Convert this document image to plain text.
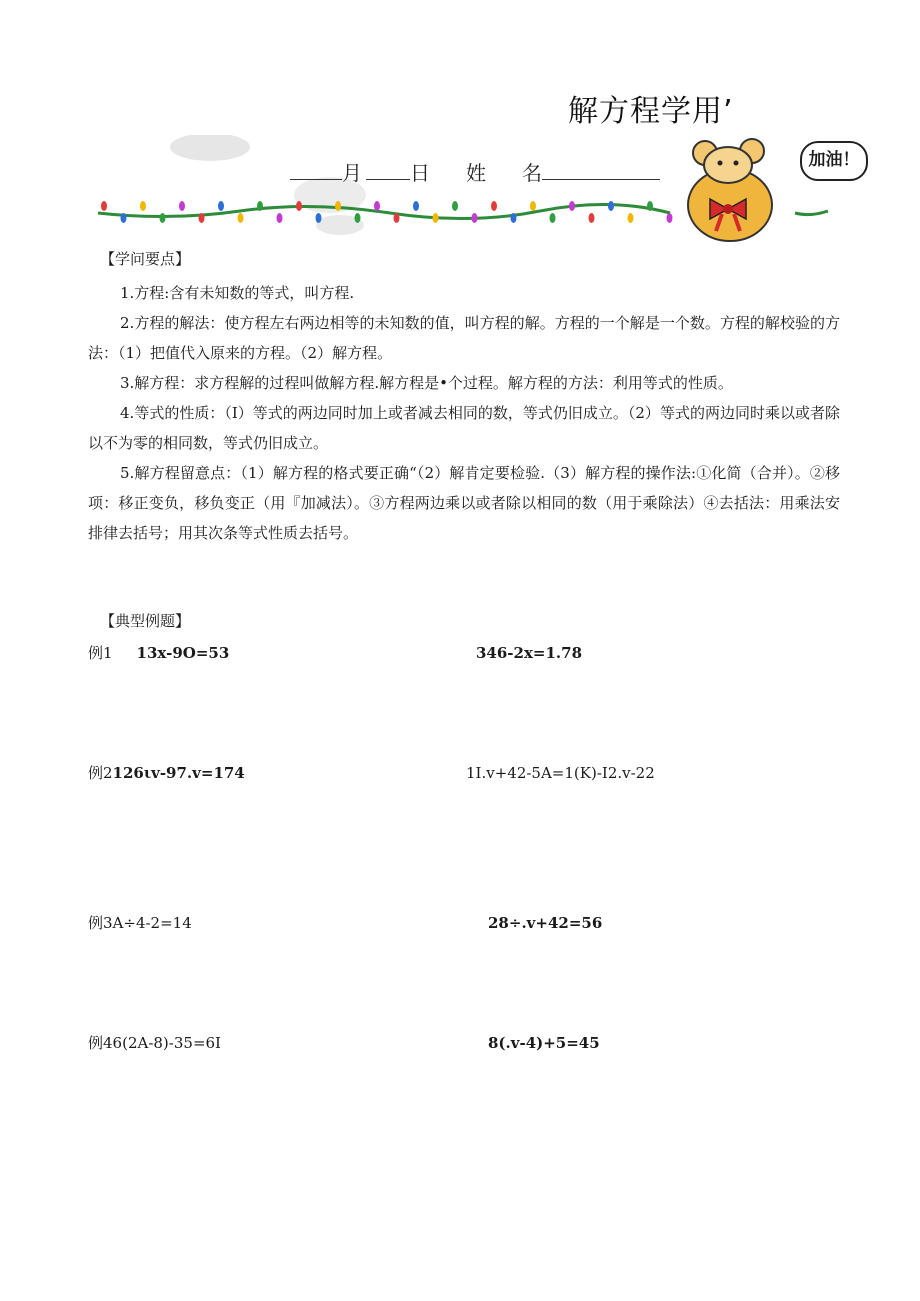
解方程学用’
月	日 姓 名
加油！
【学问要点】
1.方程:含有未知数的等式，叫方程.
2.方程的解法：使方程左右两边相等的未知数的值，叫方程的解。方程的一个解是一个数。方程的解校验的方法：（1）把值代入原来的方程。（2）解方程。
3.解方程：求方程解的过程叫做解方程.解方程是•个过程。解方程的方法：利用等式的性质。
4.等式的性质：（I）等式的两边同时加上或者减去相同的数，等式仍旧成立。（2）等式的两边同时乘以或者除以不为零的相同数，等式仍旧成立。
5.解方程留意点：（1）解方程的格式要正确“（2）解肯定要检验.（3）解方程的操作法:①化简（合并）。②移项：移正变负，移负变正（用『加减法）。③方程两边乘以或者除以相同的数（用于乘除法）④去括法：用乘法安排律去括号；用其次条等式性质去括号。
【典型例题】
例1 13x-9O=53	346-2x=1.78
例2126ιv-97.v=174	1I.v+42-5A=1(K)-I2.v-22
例3A÷4-2=14	28÷.v+42=56
例46(2A-8)-35=6I	8(.v-4)+5=45
